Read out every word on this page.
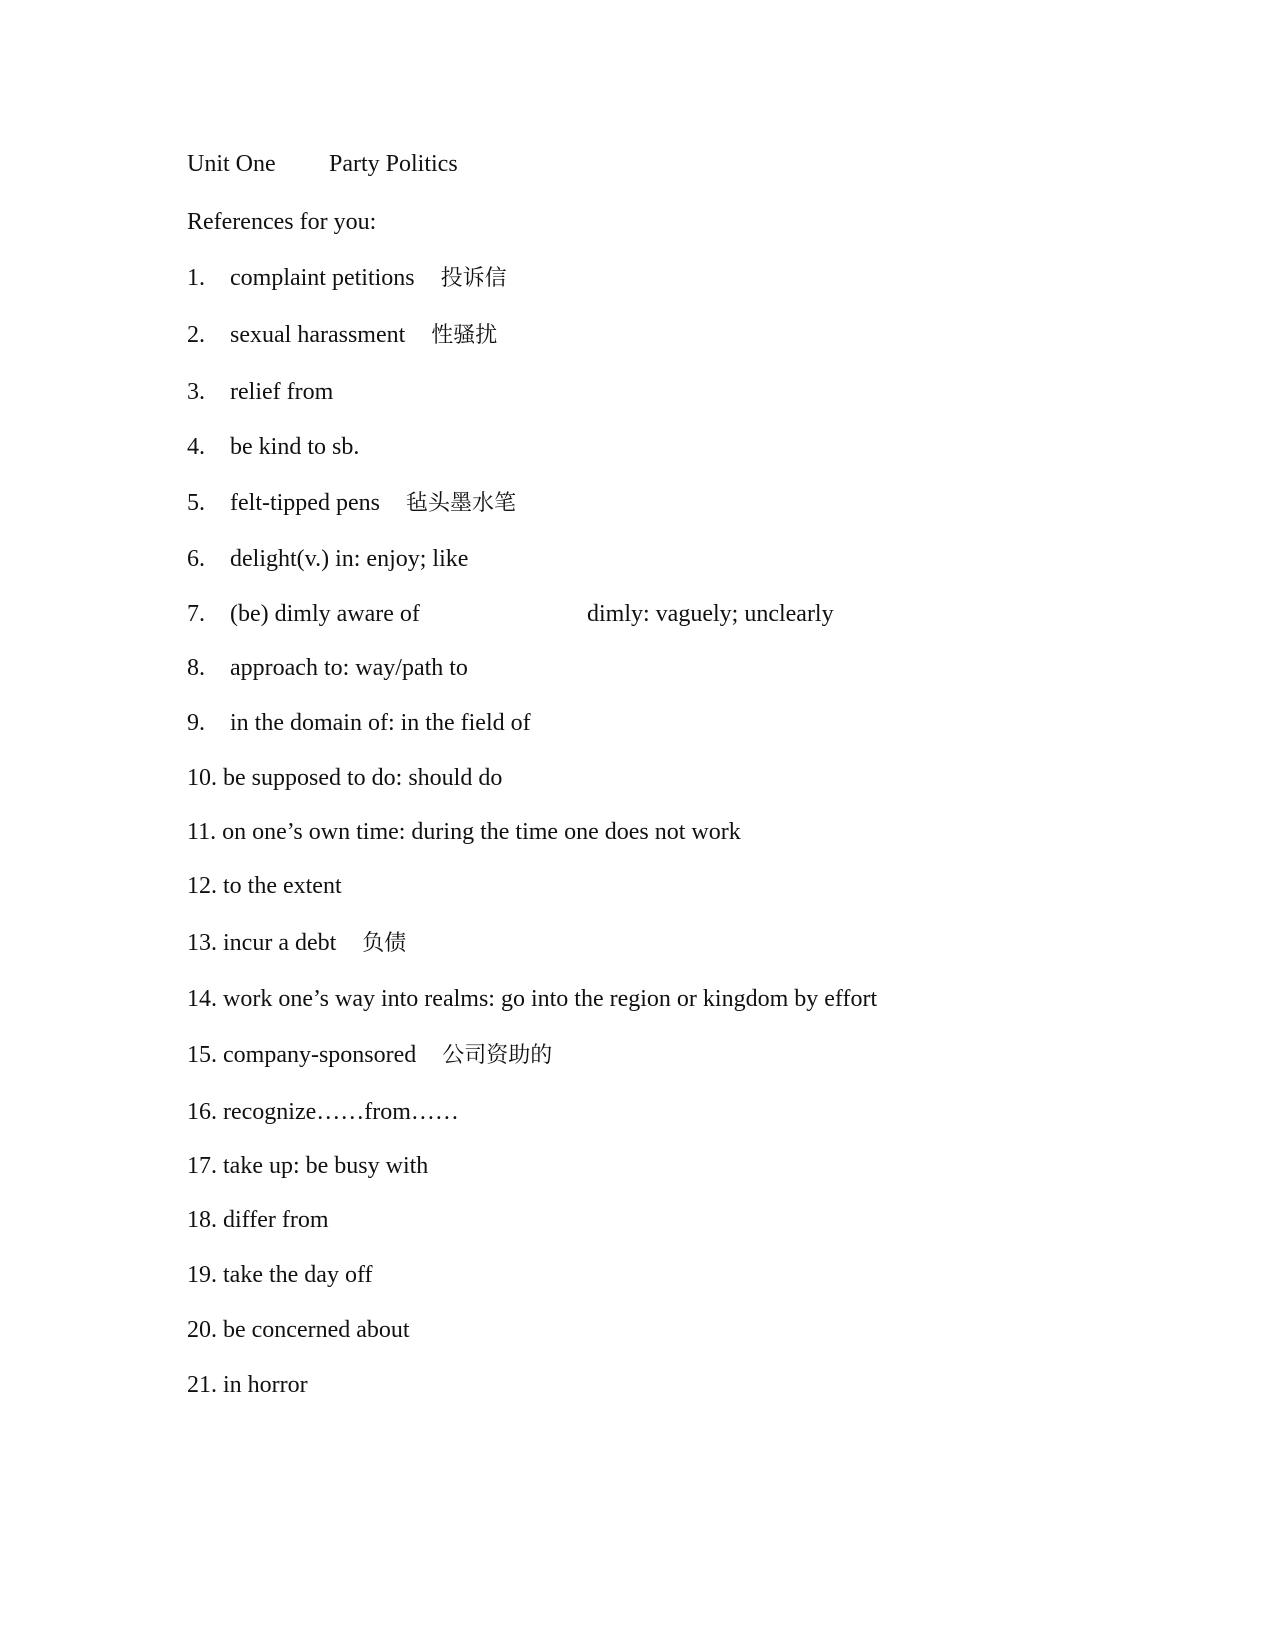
Unit One Party Politics
References for you:
1. complaint petitions 投诉信
2. sexual harassment 性骚扰
3. relief from
4. be kind to sb.
5. felt-tipped pens 毡头墨水笔
6. delight(v.) in: enjoy; like
7. (be) dimly aware of	dimly: vaguely; unclearly
8. approach to: way/path to
9. in the domain of: in the field of
10. be supposed to do: should do
11. on one’s own time: during the time one does not work
12. to the extent
13. incur a debt 负债
14. work one’s way into realms: go into the region or kingdom by effort
15. company-sponsored 公司资助的
16. recognize……from……
17. take up: be busy with
18. differ from
19. take the day off
20. be concerned about
21. in horror
